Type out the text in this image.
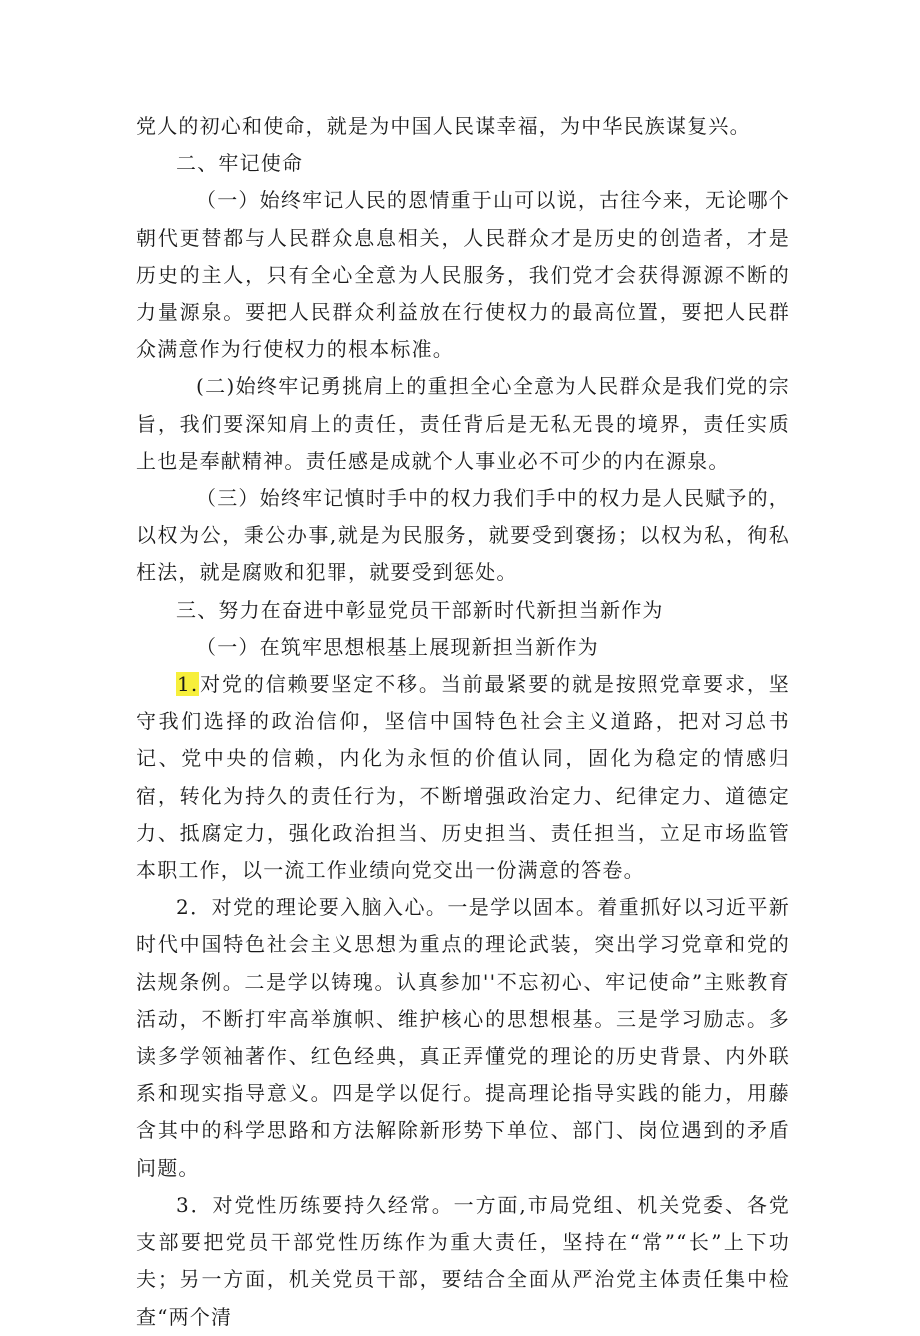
党人的初心和使命，就是为中国人民谋幸福，为中华民族谋复兴。

二、牢记使命

（一）始终牢记人民的恩情重于山可以说，古往今来，无论哪个朝代更替都与人民群众息息相关，人民群众才是历史的创造者，才是历史的主人，只有全心全意为人民服务，我们党才会获得源源不断的力量源泉。要把人民群众利益放在行使权力的最高位置，要把人民群众满意作为行使权力的根本标准。

(二)始终牢记勇挑肩上的重担全心全意为人民群众是我们党的宗旨，我们要深知肩上的责任，责任背后是无私无畏的境界，责任实质上也是奉献精神。责任感是成就个人事业必不可少的内在源泉。

（三）始终牢记慎时手中的权力我们手中的权力是人民赋予的，以权为公，秉公办事,就是为民服务，就要受到褒扬；以权为私，徇私枉法，就是腐败和犯罪，就要受到惩处。

三、努力在奋进中彰显党员干部新时代新担当新作为

（一）在筑牢思想根基上展现新担当新作为

1.对党的信赖要坚定不移。当前最紧要的就是按照党章要求，坚守我们选择的政治信仰，坚信中国特色社会主义道路，把对习总书记、党中央的信赖，内化为永恒的价值认同，固化为稳定的情感归宿，转化为持久的责任行为，不断增强政治定力、纪律定力、道德定力、抵腐定力，强化政治担当、历史担当、责任担当，立足市场监管本职工作，以一流工作业绩向党交出一份满意的答卷。

2．对党的理论要入脑入心。一是学以固本。着重抓好以习近平新时代中国特色社会主义思想为重点的理论武装，突出学习党章和党的法规条例。二是学以铸瑰。认真参加''不忘初心、牢记使命”主账教育活动，不断打牢高举旗帜、维护核心的思想根基。三是学习励志。多读多学领袖著作、红色经典，真正弄懂党的理论的历史背景、内外联系和现实指导意义。四是学以促行。提高理论指导实践的能力，用藤含其中的科学思路和方法解除新形势下单位、部门、岗位遇到的矛盾问题。

3．对党性历练要持久经常。一方面,市局党组、机关党委、各党支部要把党员干部党性历练作为重大责任，坚持在“常”“长”上下功夫；另一方面，机关党员干部，要结合全面从严治党主体责任集中检查“两个清
